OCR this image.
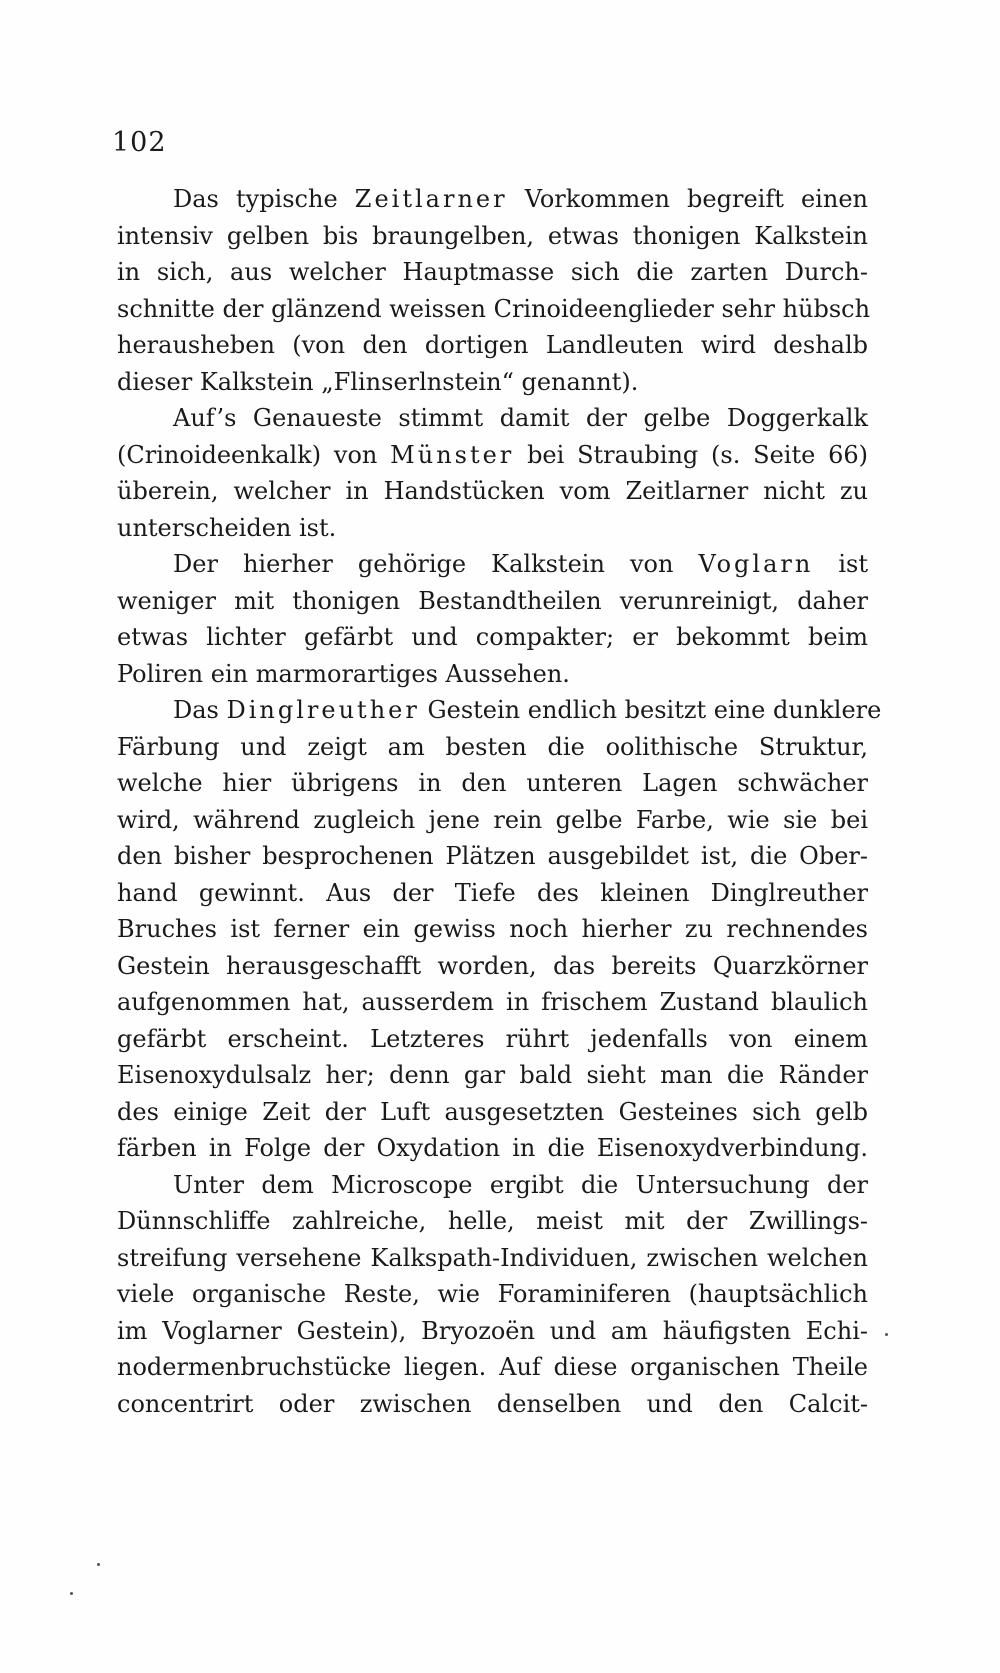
102
Das typische Zeitlarner Vorkommen begreift einen
intensiv gelben bis braungelben, etwas thonigen Kalkstein
in sich, aus welcher Hauptmasse sich die zarten Durch-
schnitte der glänzend weissen Crinoideenglieder sehr hübsch
herausheben (von den dortigen Landleuten wird deshalb
dieser Kalkstein „Flinserlnstein“ genannt).
Auf’s Genaueste stimmt damit der gelbe Doggerkalk
(Crinoideenkalk) von Münster bei Straubing (s. Seite 66)
überein, welcher in Handstücken vom Zeitlarner nicht zu
unterscheiden ist.
Der hierher gehörige Kalkstein von Voglarn ist
weniger mit thonigen Bestandtheilen verunreinigt, daher
etwas lichter gefärbt und compakter; er bekommt beim
Poliren ein marmorartiges Aussehen.
Das Dinglreuther Gestein endlich besitzt eine dunklere
Färbung und zeigt am besten die oolithische Struktur,
welche hier übrigens in den unteren Lagen schwächer
wird, während zugleich jene rein gelbe Farbe, wie sie bei
den bisher besprochenen Plätzen ausgebildet ist, die Ober-
hand gewinnt. Aus der Tiefe des kleinen Dinglreuther
Bruches ist ferner ein gewiss noch hierher zu rechnendes
Gestein herausgeschafft worden, das bereits Quarzkörner
aufgenommen hat, ausserdem in frischem Zustand blaulich
gefärbt erscheint. Letzteres rührt jedenfalls von einem
Eisenoxydulsalz her; denn gar bald sieht man die Ränder
des einige Zeit der Luft ausgesetzten Gesteines sich gelb
färben in Folge der Oxydation in die Eisenoxydverbindung.
Unter dem Microscope ergibt die Untersuchung der
Dünnschliffe zahlreiche, helle, meist mit der Zwillings-
streifung versehene Kalkspath-Individuen, zwischen welchen
viele organische Reste, wie Foraminiferen (hauptsächlich
im Voglarner Gestein), Bryozoën und am häufigsten Echi-
nodermenbruchstücke liegen. Auf diese organischen Theile
concentrirt oder zwischen denselben und den Calcit-
